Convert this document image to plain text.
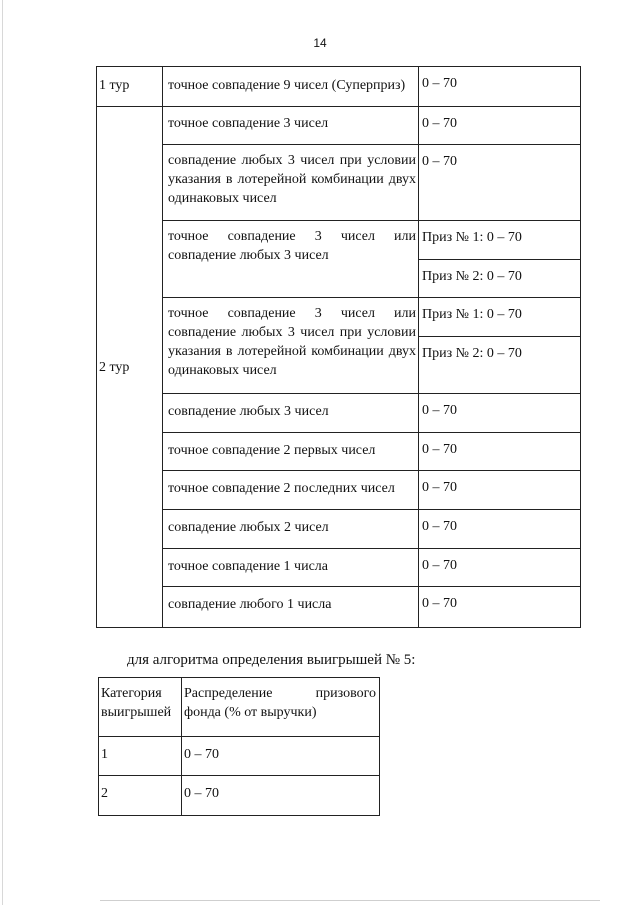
14
1 тур	точное совпадение 9 чисел (Суперприз)	0 – 70
2 тур	точное совпадение 3 чисел	0 – 70
	совпадение любых 3 чисел при условии указания в лотерейной комбинации двух одинаковых чисел	0 – 70
	точное совпадение 3 чисел или совпадение любых 3 чисел	Приз № 1: 0 – 70
		Приз № 2: 0 – 70
	точное совпадение 3 чисел или совпадение любых 3 чисел при условии указания в лотерейной комбинации двух одинаковых чисел	Приз № 1: 0 – 70
		Приз № 2: 0 – 70
	совпадение любых 3 чисел	0 – 70
	точное совпадение 2 первых чисел	0 – 70
	точное совпадение 2 последних чисел	0 – 70
	совпадение любых 2 чисел	0 – 70
	точное совпадение 1 числа	0 – 70
	совпадение любого 1 числа	0 – 70
для алгоритма определения выигрышей № 5:
Категория выигрышей	Распределение призового фонда (% от выручки)
1	0 – 70
2	0 – 70
